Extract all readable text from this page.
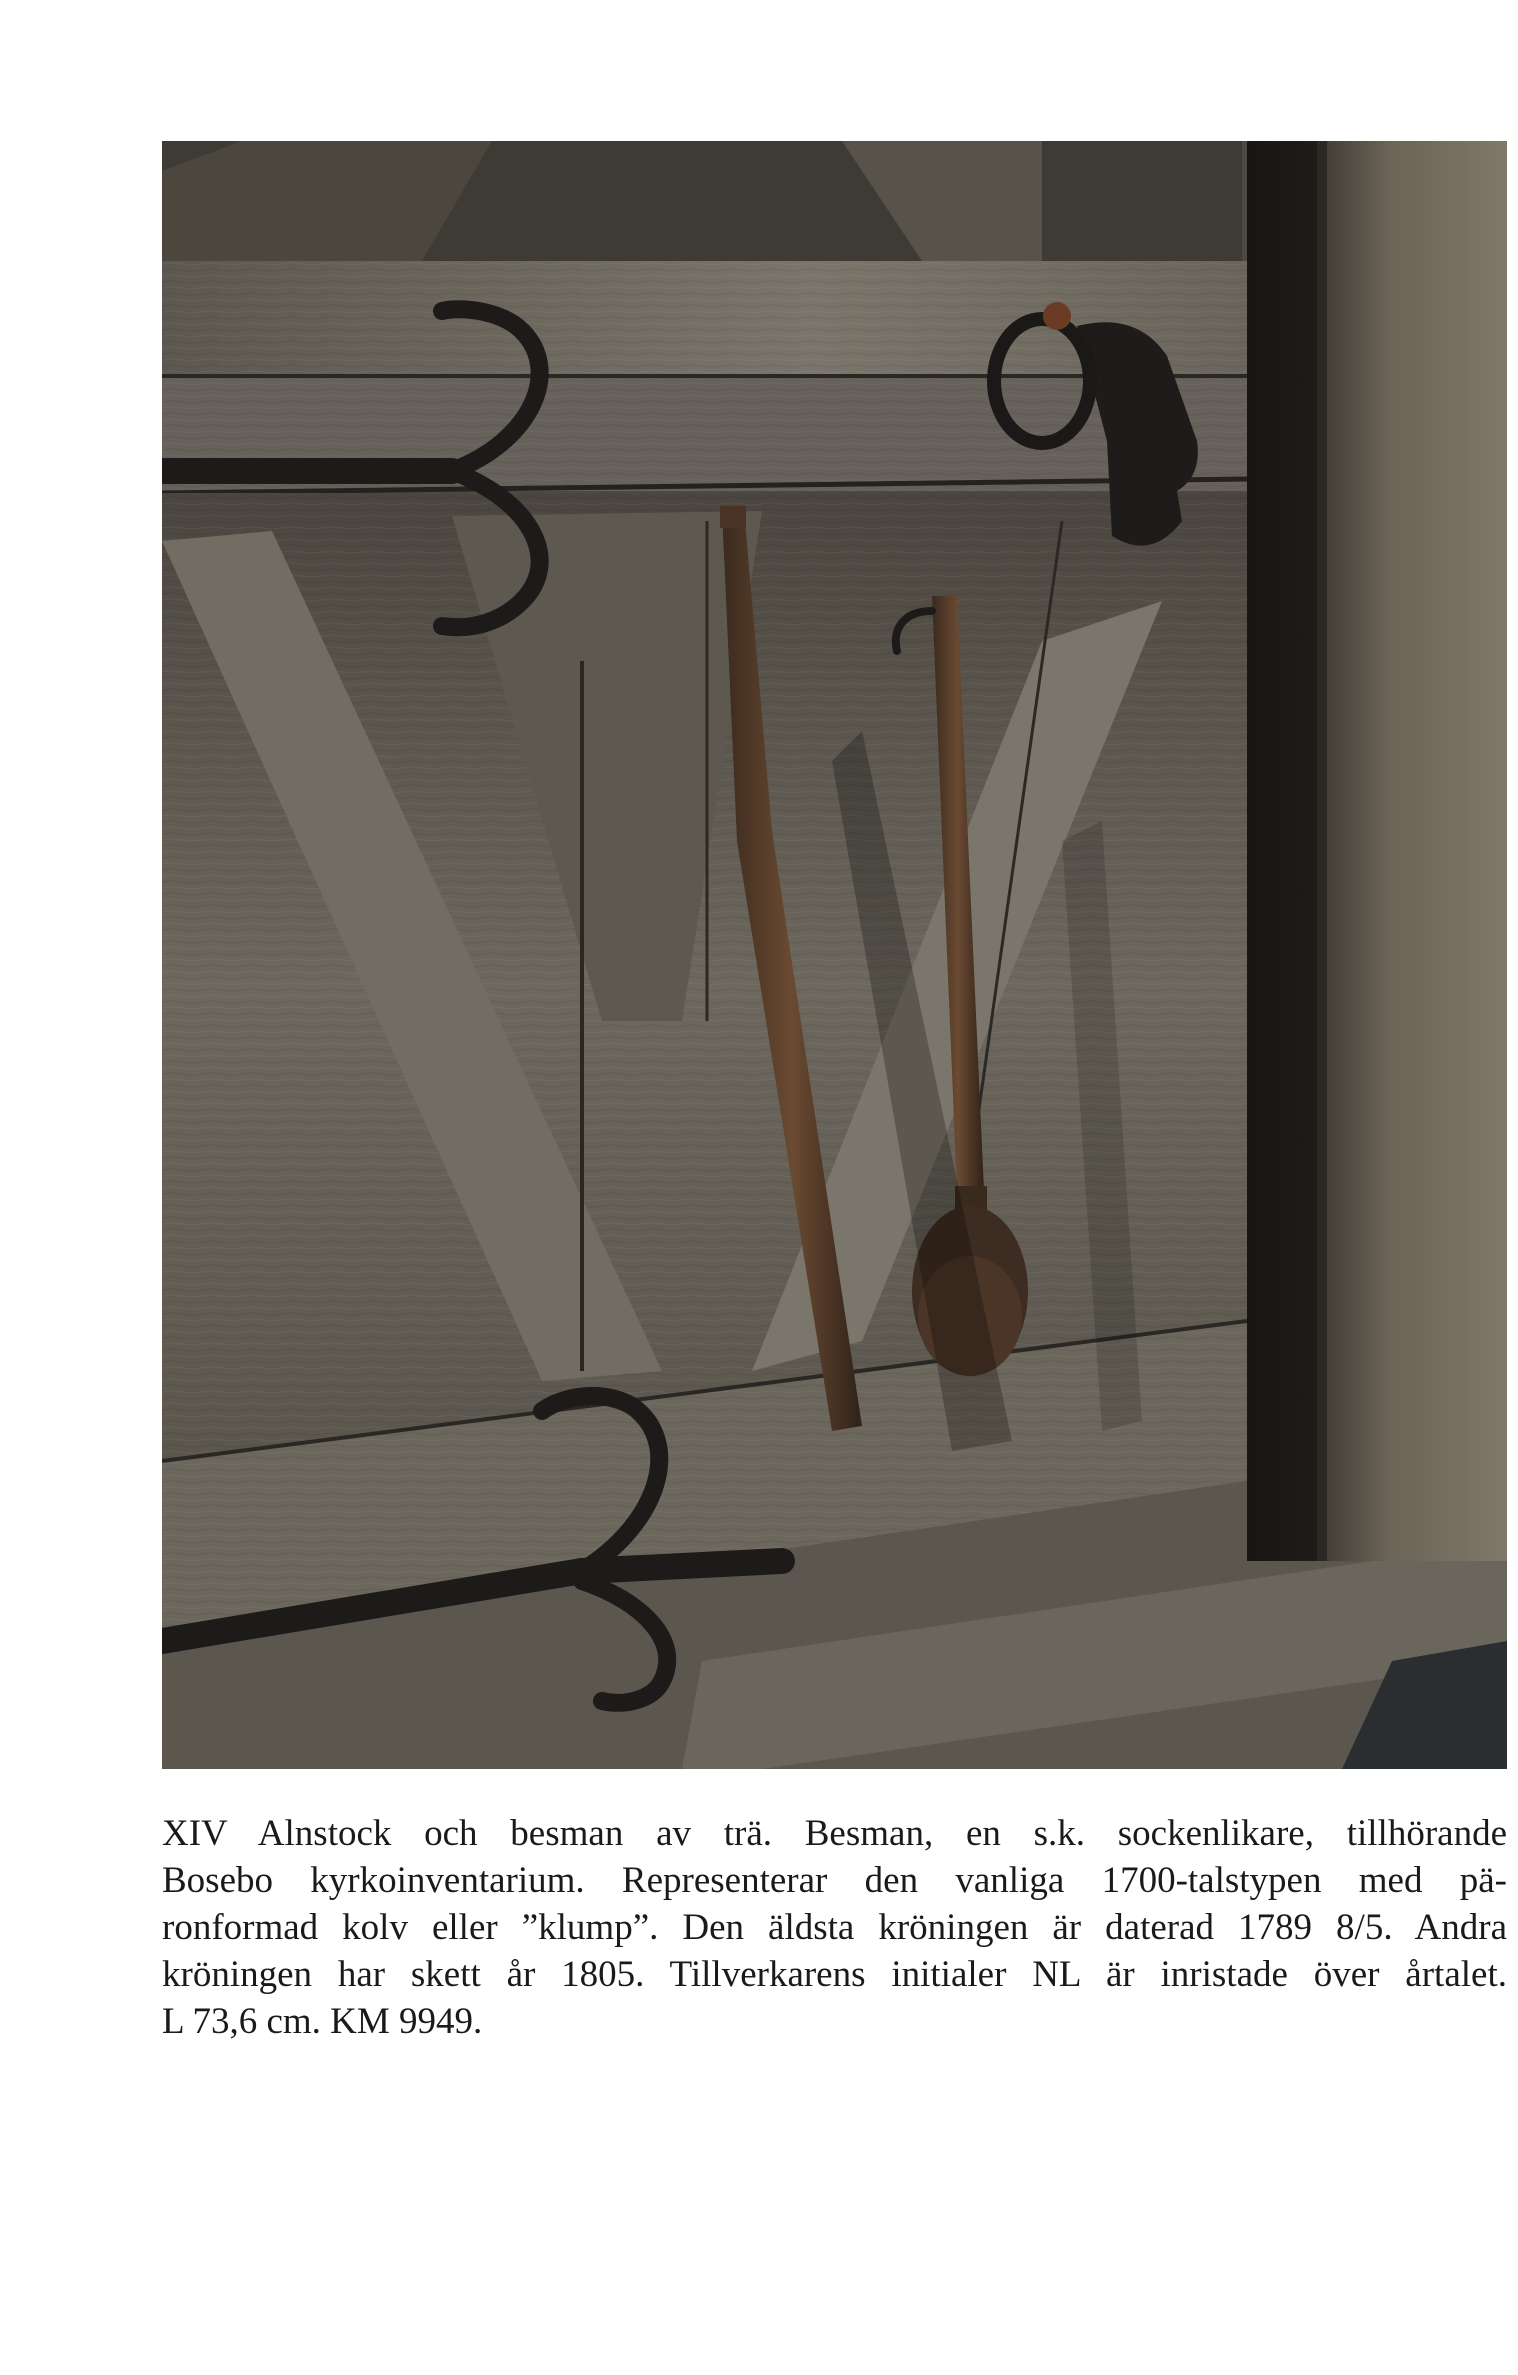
XIV Alnstock och besman av trä. Besman, en s.k. sockenlikare, tillhörande
Bosebo kyrkoinventarium. Representerar den vanliga 1700-talstypen med pä-
ronformad kolv eller ”klump”. Den äldsta kröningen är daterad 1789 8/5. Andra
kröningen har skett år 1805. Tillverkarens initialer NL är inristade över årtalet.
L 73,6 cm. KM 9949.
